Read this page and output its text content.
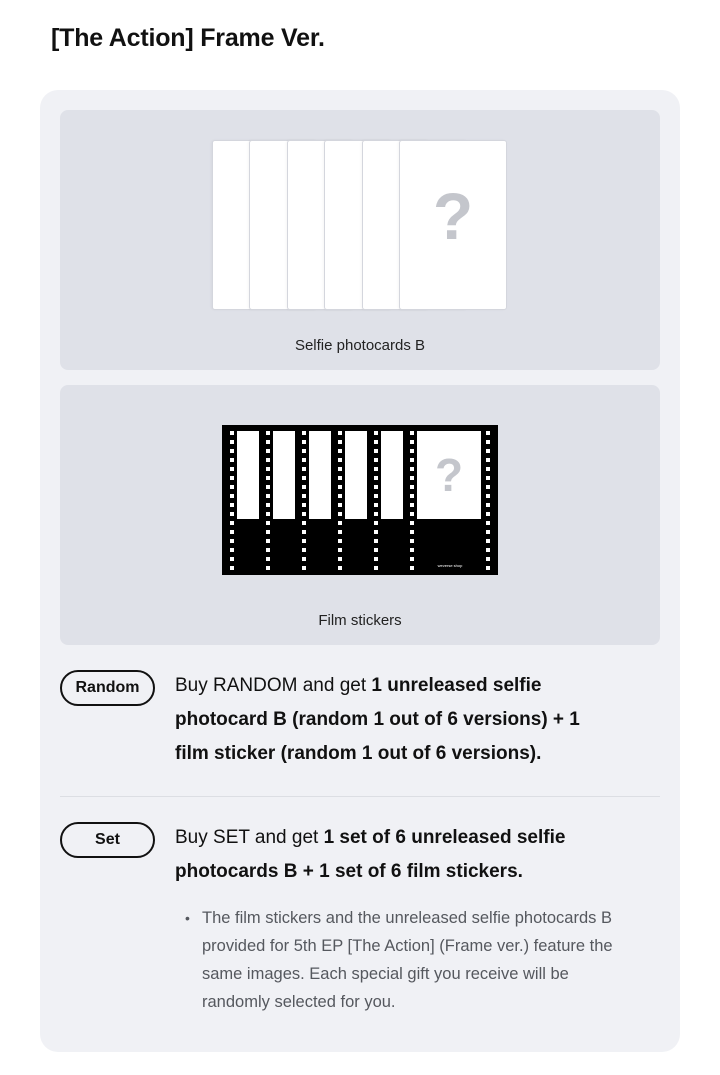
[The Action] Frame Ver.
?
Selfie photocards B
?
weverse shop
Film stickers
Random	Buy RANDOM and get 1 unreleased selfie photocard B (random 1 out of 6 versions) + 1 film sticker (random 1 out of 6 versions).
Set	Buy SET and get 1 set of 6 unreleased selfie photocards B + 1 set of 6 film stickers.
• The film stickers and the unreleased selfie photocards B provided for 5th EP [The Action] (Frame ver.) feature the same images. Each special gift you receive will be randomly selected for you.
